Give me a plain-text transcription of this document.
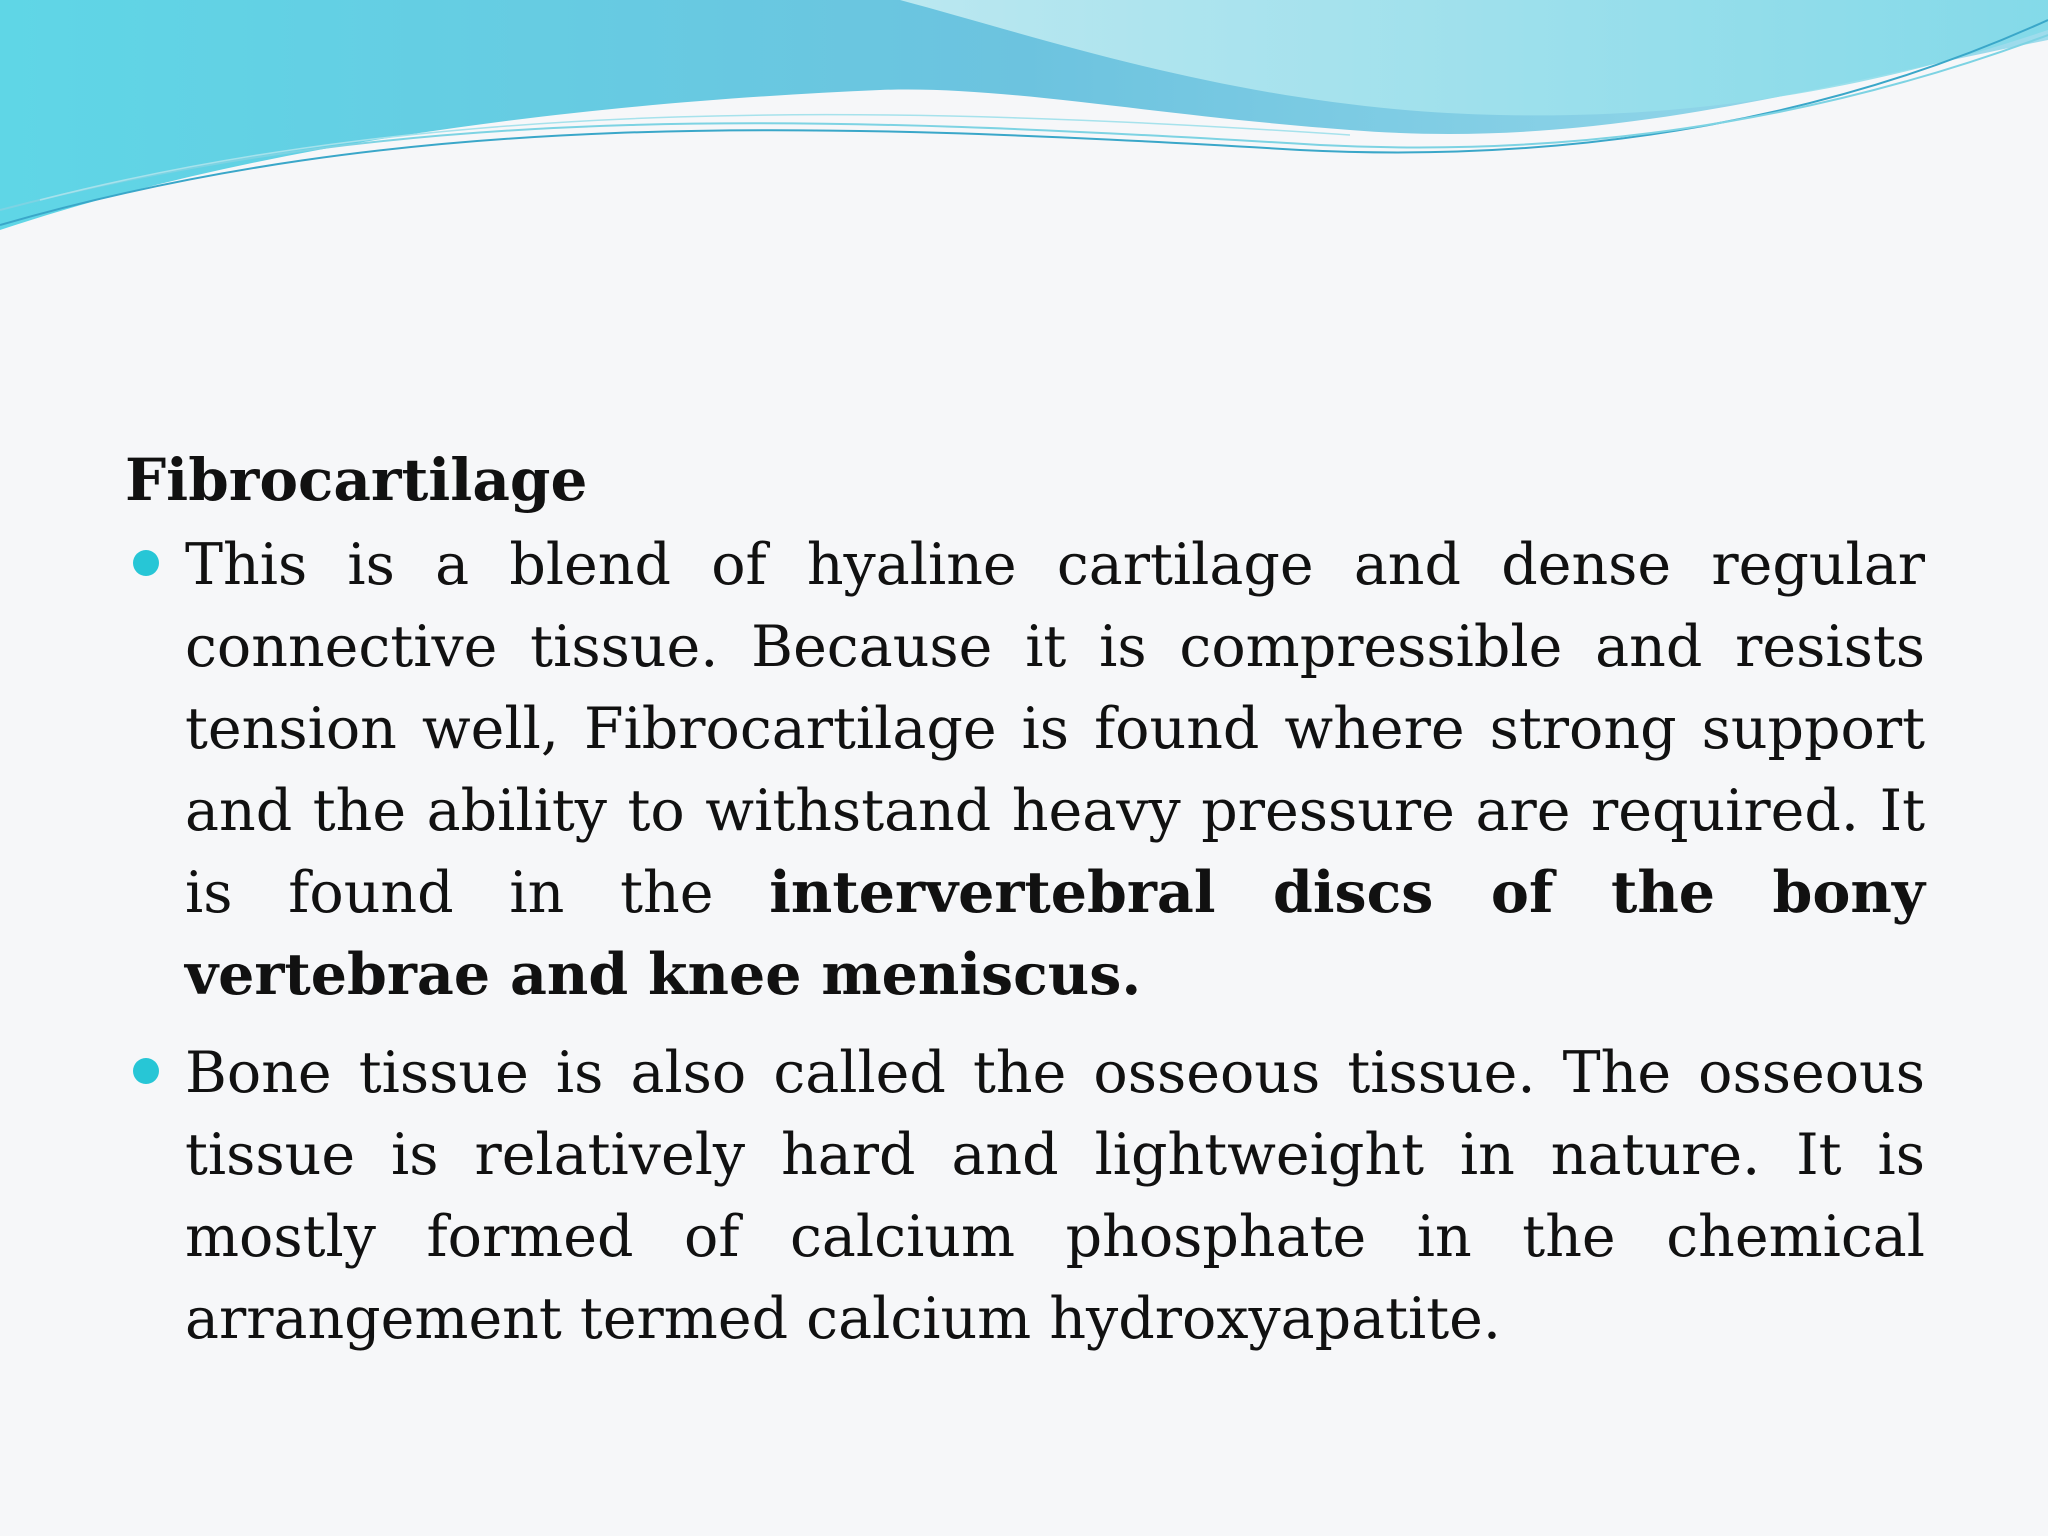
Fibrocartilage
This is a blend of hyaline cartilage and dense regular connective tissue. Because it is compressible and resists tension well, Fibrocartilage is found where strong support and the ability to withstand heavy pressure are required. It is found in the intervertebral discs of the bony vertebrae and knee meniscus.
Bone tissue is also called the osseous tissue. The osseous tissue is relatively hard and lightweight in nature. It is mostly formed of calcium phosphate in the chemical arrangement termed calcium hydroxyapatite.
